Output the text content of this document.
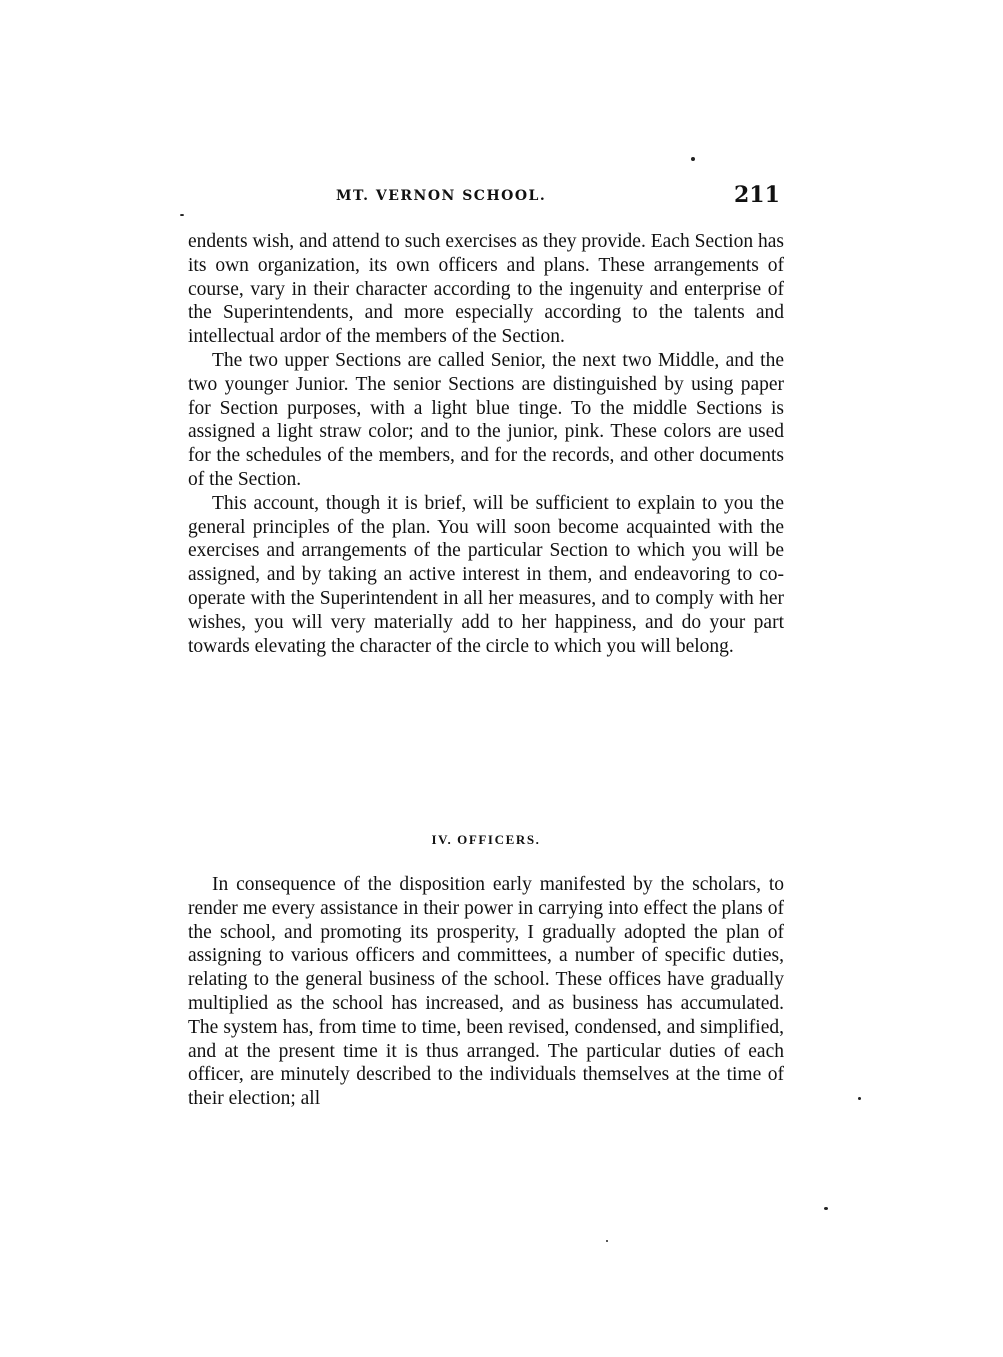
MT. VERNON SCHOOL.	211

endents wish, and attend to such exercises as they provide. Each Section has its own organization, its own officers and plans. These arrangements of course, vary in their character according to the ingenuity and enterprise of the Superintendents, and more especially according to the talents and intellectual ardor of the members of the Section.

The two upper Sections are called Senior, the next two Middle, and the two younger Junior. The senior Sections are distinguished by using paper for Section purposes, with a light blue tinge. To the middle Sections is assigned a light straw color; and to the junior, pink. These colors are used for the schedules of the members, and for the records, and other documents of the Section.

This account, though it is brief, will be sufficient to explain to you the general principles of the plan. You will soon become acquainted with the exercises and arrangements of the particular Section to which you will be assigned, and by taking an active interest in them, and endeavoring to co-operate with the Superintendent in all her measures, and to comply with her wishes, you will very materially add to her happiness, and do your part towards elevating the character of the circle to which you will belong.

IV. OFFICERS.

In consequence of the disposition early manifested by the scholars, to render me every assistance in their power in carrying into effect the plans of the school, and promoting its prosperity, I gradually adopted the plan of assigning to various officers and committees, a number of specific duties, relating to the general business of the school. These offices have gradually multiplied as the school has increased, and as business has accumulated. The system has, from time to time, been revised, condensed, and simplified, and at the present time it is thus arranged. The particular duties of each officer, are minutely described to the individuals themselves at the time of their election; all
